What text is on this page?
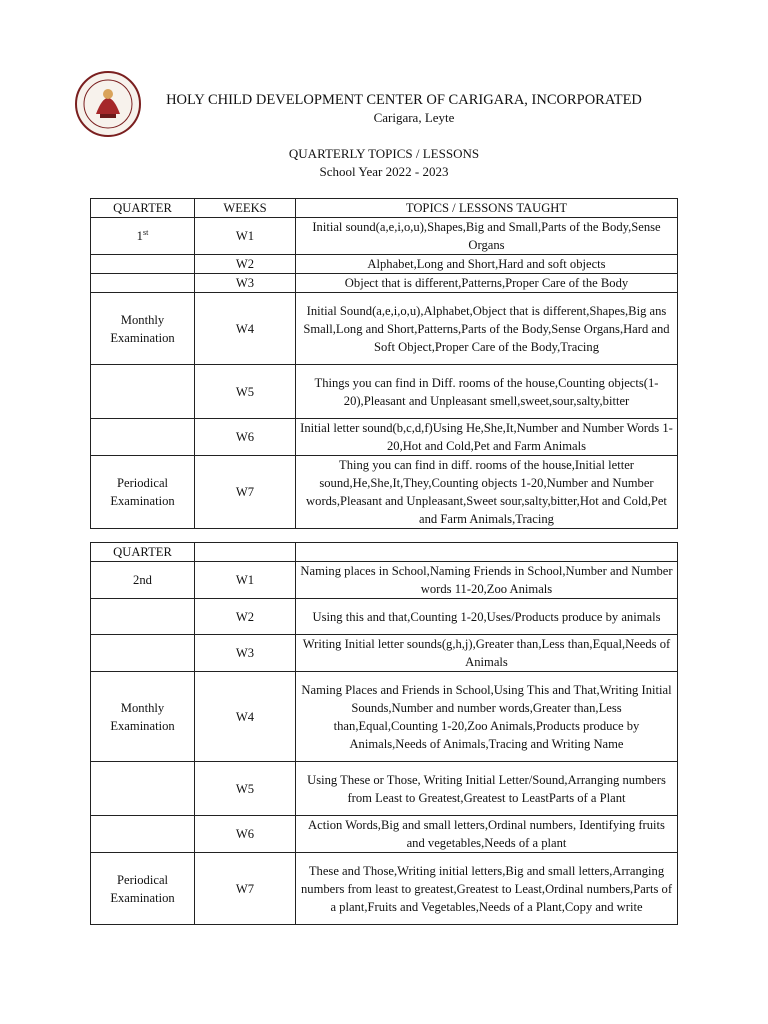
HOLY CHILD DEVELOPMENT CENTER OF CARIGARA, INCORPORATED
Carigara, Leyte
QUARTERLY TOPICS / LESSONS
School Year 2022 - 2023
QUARTER	WEEKS	TOPICS / LESSONS TAUGHT
1st	W1	Initial sound(a,e,i,o,u),Shapes,Big and Small,Parts of the Body,Sense Organs
	W2	Alphabet,Long and Short,Hard and soft objects
	W3	Object that is different,Patterns,Proper Care of the Body
Monthly Examination	W4	Initial Sound(a,e,i,o,u),Alphabet,Object that is different,Shapes,Big ans Small,Long and Short,Patterns,Parts of the Body,Sense Organs,Hard and Soft Object,Proper Care of the Body,Tracing
	W5	Things you can find in Diff. rooms of the house,Counting objects(1-20),Pleasant and Unpleasant smell,sweet,sour,salty,bitter
	W6	Initial letter sound(b,c,d,f)Using He,She,It,Number and Number Words 1-20,Hot and Cold,Pet and Farm Animals
Periodical Examination	W7	Thing you can find in diff. rooms of the house,Initial letter sound,He,She,It,They,Counting objects 1-20,Number and Number words,Pleasant and Unpleasant,Sweet sour,salty,bitter,Hot and Cold,Pet and Farm Animals,Tracing
QUARTER		
2nd	W1	Naming places in School,Naming Friends in School,Number and Number words 11-20,Zoo Animals
	W2	Using this and that,Counting 1-20,Uses/Products produce by animals
	W3	Writing Initial letter sounds(g,h,j),Greater than,Less than,Equal,Needs of Animals
Monthly Examination	W4	Naming Places and Friends in School,Using This and That,Writing Initial Sounds,Number and number words,Greater than,Less than,Equal,Counting 1-20,Zoo Animals,Products produce by Animals,Needs of Animals,Tracing and Writing Name
	W5	Using These or Those, Writing Initial Letter/Sound,Arranging numbers from Least to Greatest,Greatest to LeastParts of a Plant
	W6	Action Words,Big and small letters,Ordinal numbers, Identifying fruits and vegetables,Needs of a plant
Periodical Examination	W7	These and Those,Writing initial letters,Big and small letters,Arranging numbers from least to greatest,Greatest to Least,Ordinal numbers,Parts of a plant,Fruits and Vegetables,Needs of a Plant,Copy and write
